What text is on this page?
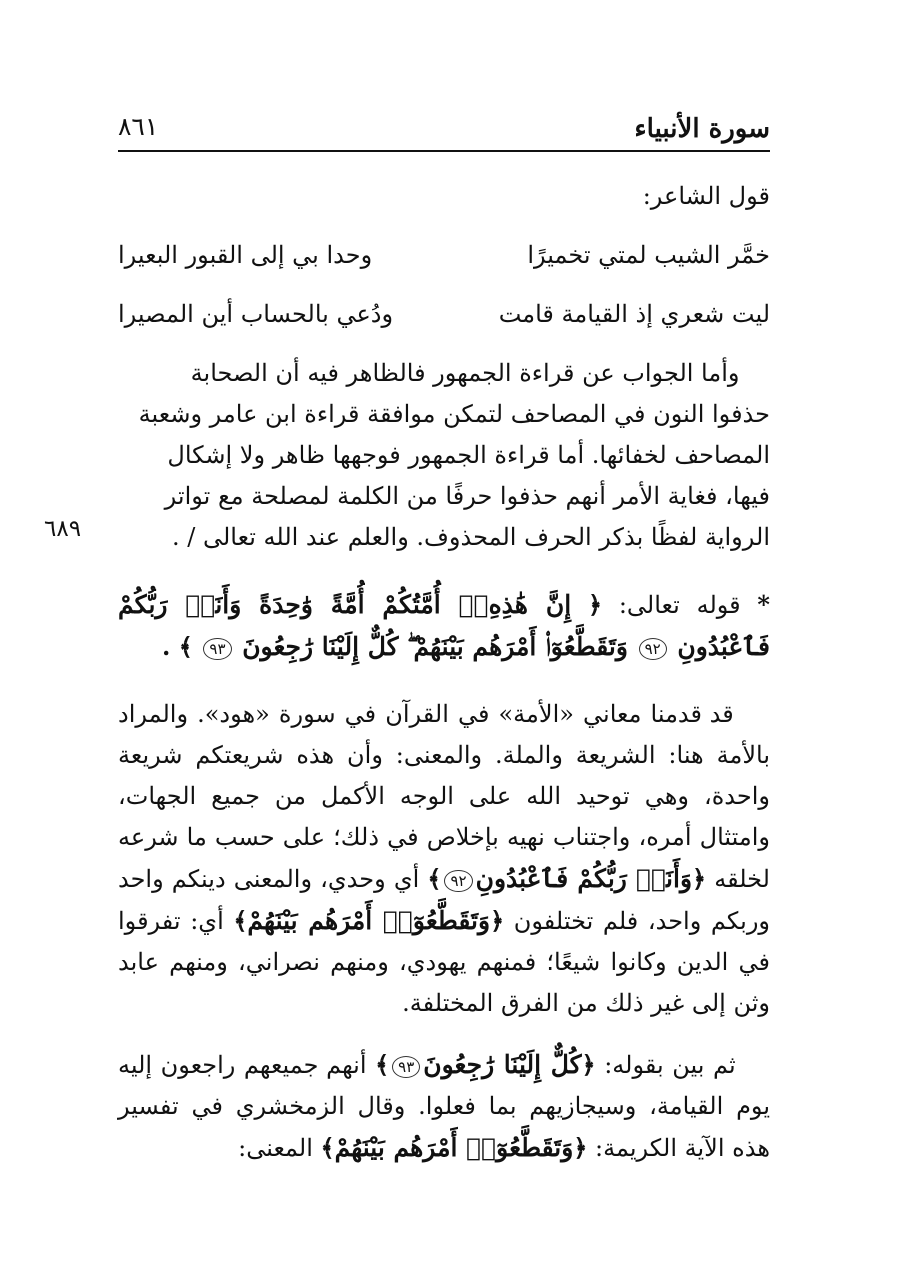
سورة الأنبياء
٨٦١

قول الشاعر:

خمَّر الشيب لمتي تخميرًا
وحدا بي إلى القبور البعيرا
ليت شعري إذ القيامة قامت
ودُعي بالحساب أين المصيرا
وأما الجواب عن قراءة الجمهور فالظاهر فيه أن الصحابة
حذفوا النون في المصاحف لتمكن موافقة قراءة ابن عامر وشعبة
المصاحف لخفائها. أما قراءة الجمهور فوجهها ظاهر ولا إشكال
فيها، فغاية الأمر أنهم حذفوا حرفًا من الكلمة لمصلحة مع تواتر
الرواية لفظًا بذكر الحرف المحذوف. والعلم عند الله تعالى / .

* قوله تعالى: ﴿ إِنَّ هَٰذِهِۦٓ أُمَّتُكُمْ أُمَّةً وَٰحِدَةً وَأَنَا۠ رَبُّكُمْ فَٱعْبُدُونِ ٩٢ وَتَقَطَّعُوٓا۟ أَمْرَهُم بَيْنَهُمْ ۖ كُلٌّ إِلَيْنَا رَٰجِعُونَ ٩٣ ﴾ .

قد قدمنا معاني «الأمة» في القرآن في سورة «هود». والمراد بالأمة هنا: الشريعة والملة. والمعنى: وأن هذه شريعتكم شريعة واحدة، وهي توحيد الله على الوجه الأكمل من جميع الجهات، وامتثال أمره، واجتناب نهيه بإخلاص في ذلك؛ على حسب ما شرعه لخلقه ﴿وَأَنَا۠ رَبُّكُمْ فَٱعْبُدُونِ٩٢﴾ أي وحدي، والمعنى دينكم واحد وربكم واحد، فلم تختلفون ﴿وَتَقَطَّعُوٓا۟ أَمْرَهُم بَيْنَهُمْ﴾ أي: تفرقوا في الدين وكانوا شيعًا؛ فمنهم يهودي، ومنهم نصراني، ومنهم عابد وثن إلى غير ذلك من الفرق المختلفة.

ثم بين بقوله: ﴿كُلٌّ إِلَيْنَا رَٰجِعُونَ٩٣﴾ أنهم جميعهم راجعون إليه يوم القيامة، وسيجازيهم بما فعلوا. وقال الزمخشري في تفسير هذه الآية الكريمة: ﴿وَتَقَطَّعُوٓا۟ أَمْرَهُم بَيْنَهُمْ﴾ المعنى:

٦٨٩
